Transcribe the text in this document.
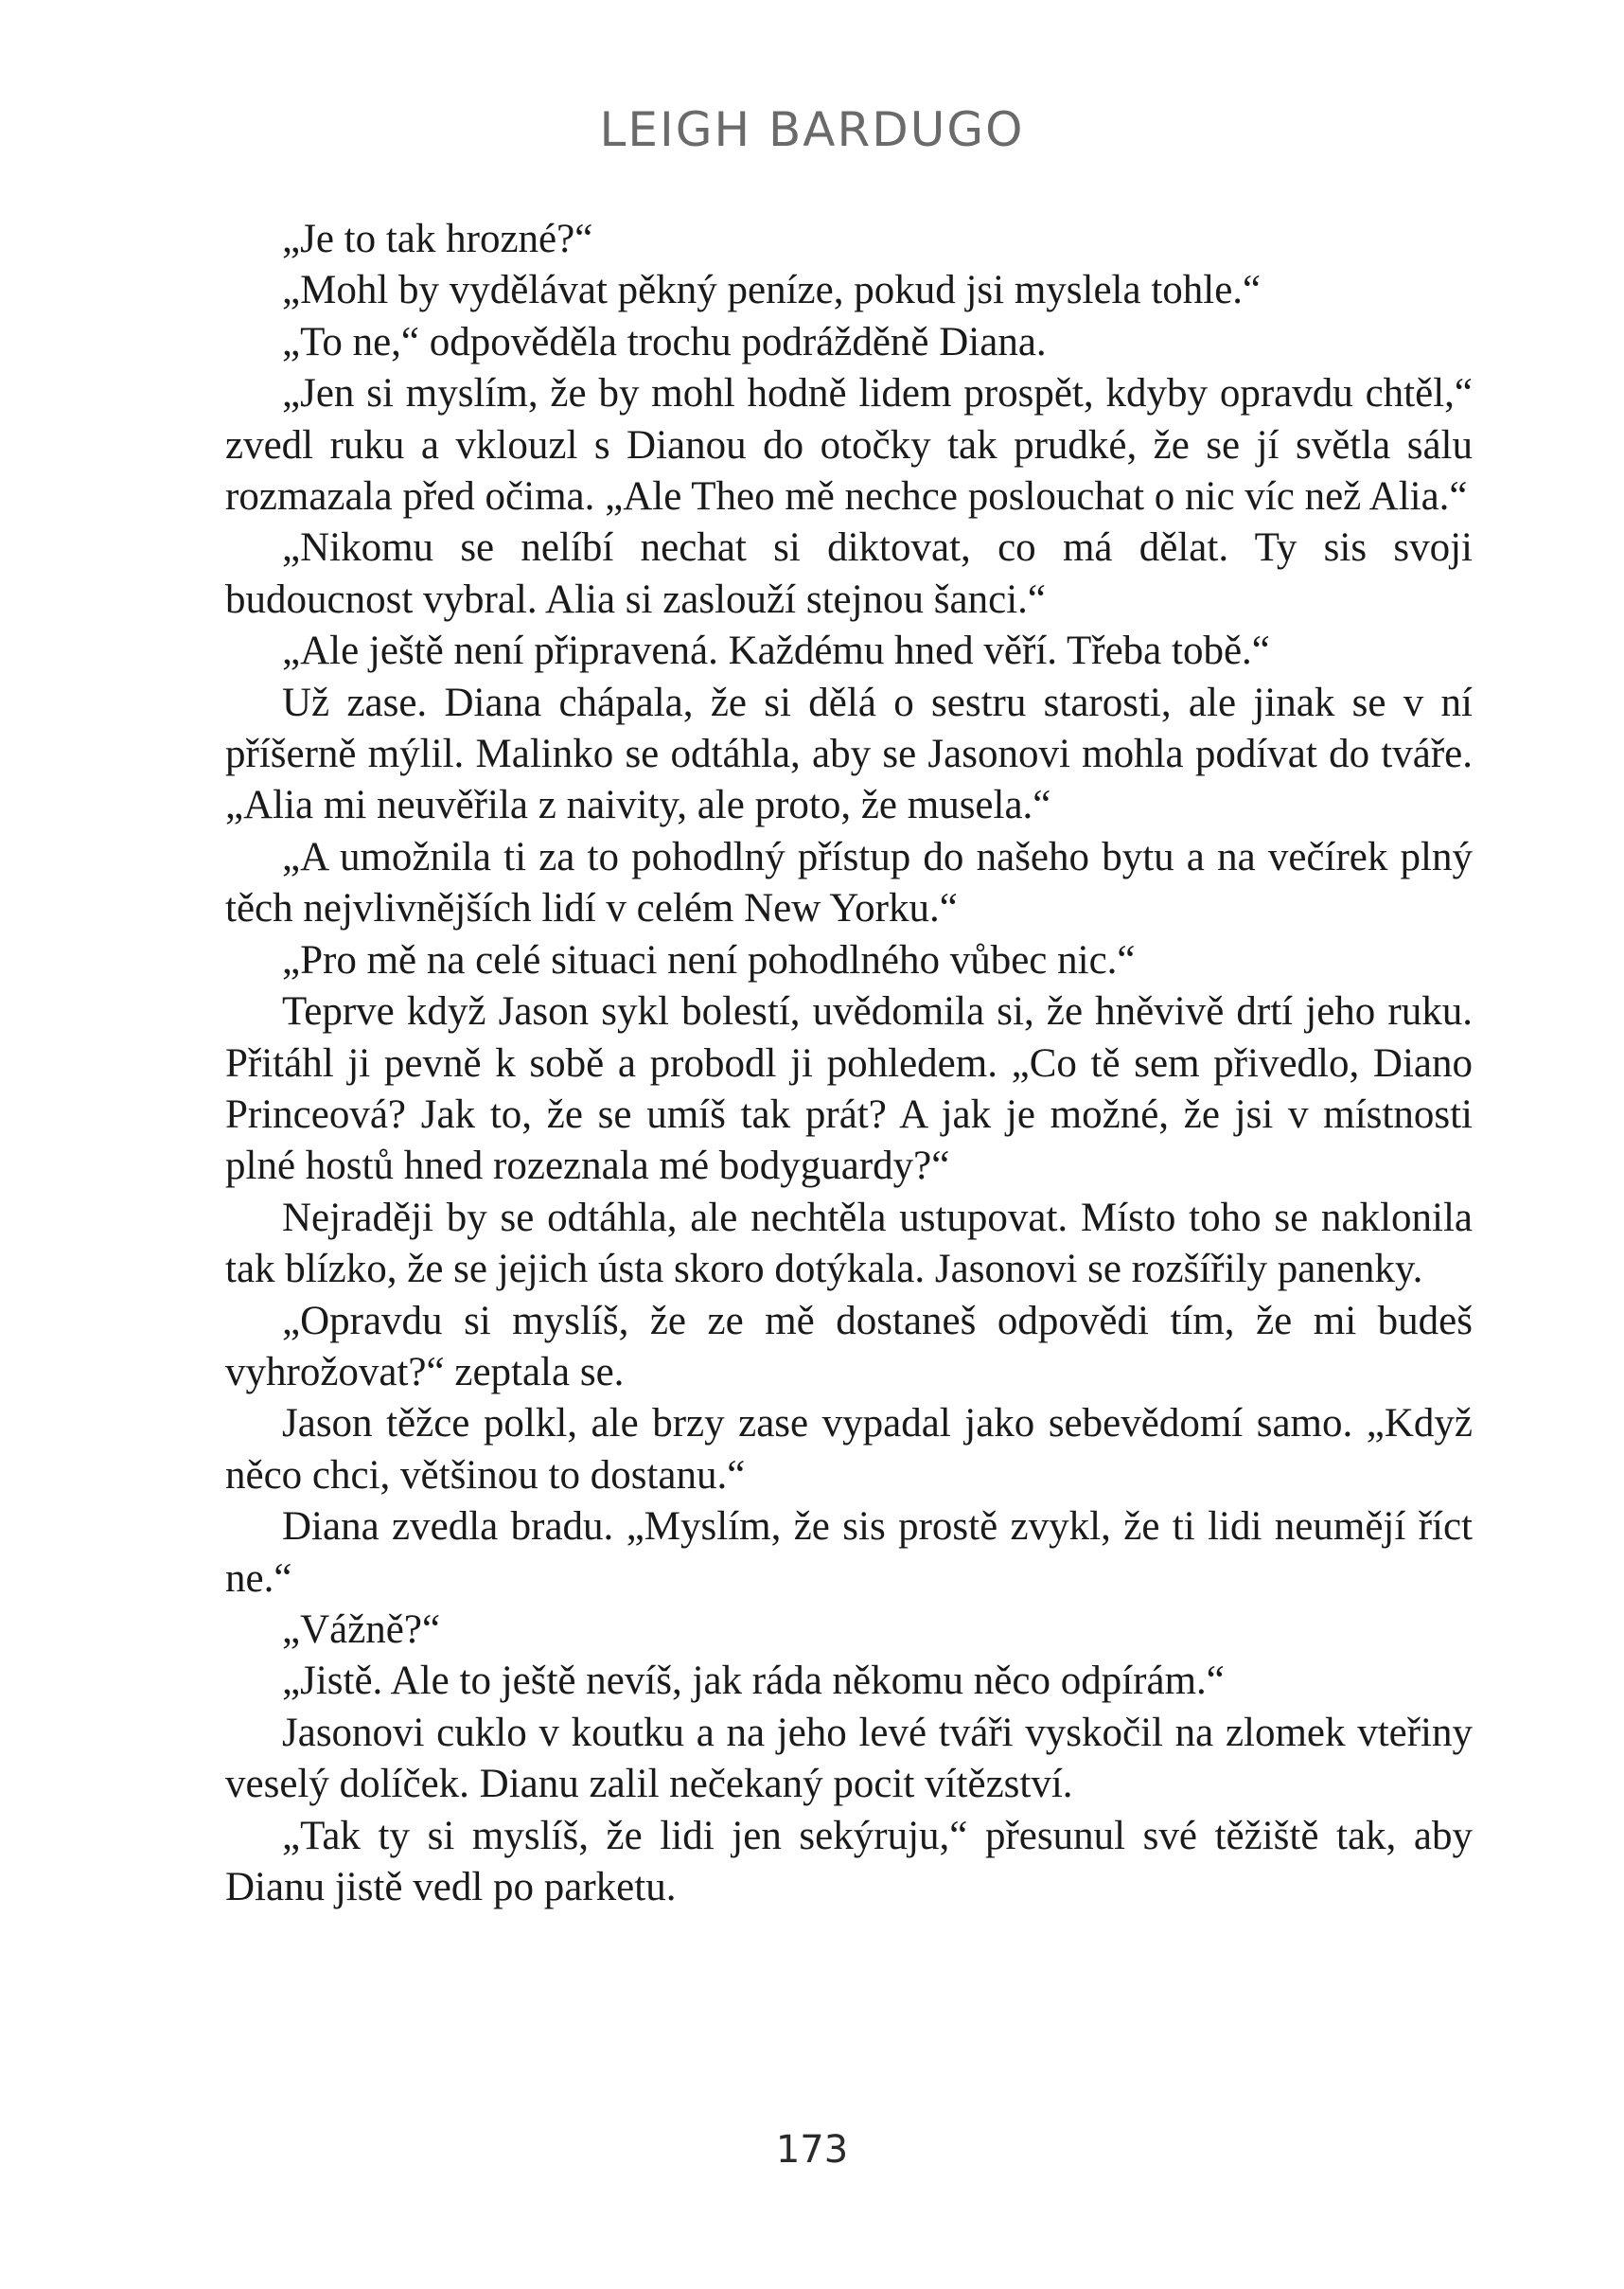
LEIGH BARDUGO

„Je to tak hrozné?“

„Mohl by vydělávat pěkný peníze, pokud jsi myslela tohle.“

„To ne,“ odpověděla trochu podrážděně Diana.

„Jen si myslím, že by mohl hodně lidem prospět, kdyby opravdu chtěl,“ zvedl ruku a vklouzl s Dianou do otočky tak prudké, že se jí světla sálu rozmazala před očima. „Ale Theo mě nechce poslouchat o nic víc než Alia.“

„Nikomu se nelíbí nechat si diktovat, co má dělat. Ty sis svoji budoucnost vybral. Alia si zaslouží stejnou šanci.“

„Ale ještě není připravená. Každému hned věří. Třeba tobě.“

Už zase. Diana chápala, že si dělá o sestru starosti, ale jinak se v ní příšerně mýlil. Malinko se odtáhla, aby se Jasonovi mohla podívat do tváře. „Alia mi neuvěřila z naivity, ale proto, že musela.“

„A umožnila ti za to pohodlný přístup do našeho bytu a na večírek plný těch nejvlivnějších lidí v celém New Yorku.“

„Pro mě na celé situaci není pohodlného vůbec nic.“

Teprve když Jason sykl bolestí, uvědomila si, že hněvivě drtí jeho ruku. Přitáhl ji pevně k sobě a probodl ji pohledem. „Co tě sem přivedlo, Diano Princeová? Jak to, že se umíš tak prát? A jak je možné, že jsi v místnosti plné hostů hned rozeznala mé bodyguardy?“

Nejraději by se odtáhla, ale nechtěla ustupovat. Místo toho se naklonila tak blízko, že se jejich ústa skoro dotýkala. Jasonovi se rozšířily panenky.

„Opravdu si myslíš, že ze mě dostaneš odpovědi tím, že mi budeš vyhrožovat?“ zeptala se.

Jason těžce polkl, ale brzy zase vypadal jako sebevědomí samo. „Když něco chci, většinou to dostanu.“

Diana zvedla bradu. „Myslím, že sis prostě zvykl, že ti lidi neumějí říct ne.“

„Vážně?“

„Jistě. Ale to ještě nevíš, jak ráda někomu něco odpírám.“

Jasonovi cuklo v koutku a na jeho levé tváři vyskočil na zlomek vteřiny veselý dolíček. Dianu zalil nečekaný pocit vítězství.

„Tak ty si myslíš, že lidi jen sekýruju,“ přesunul své těžiště tak, aby Dianu jistě vedl po parketu.

173
